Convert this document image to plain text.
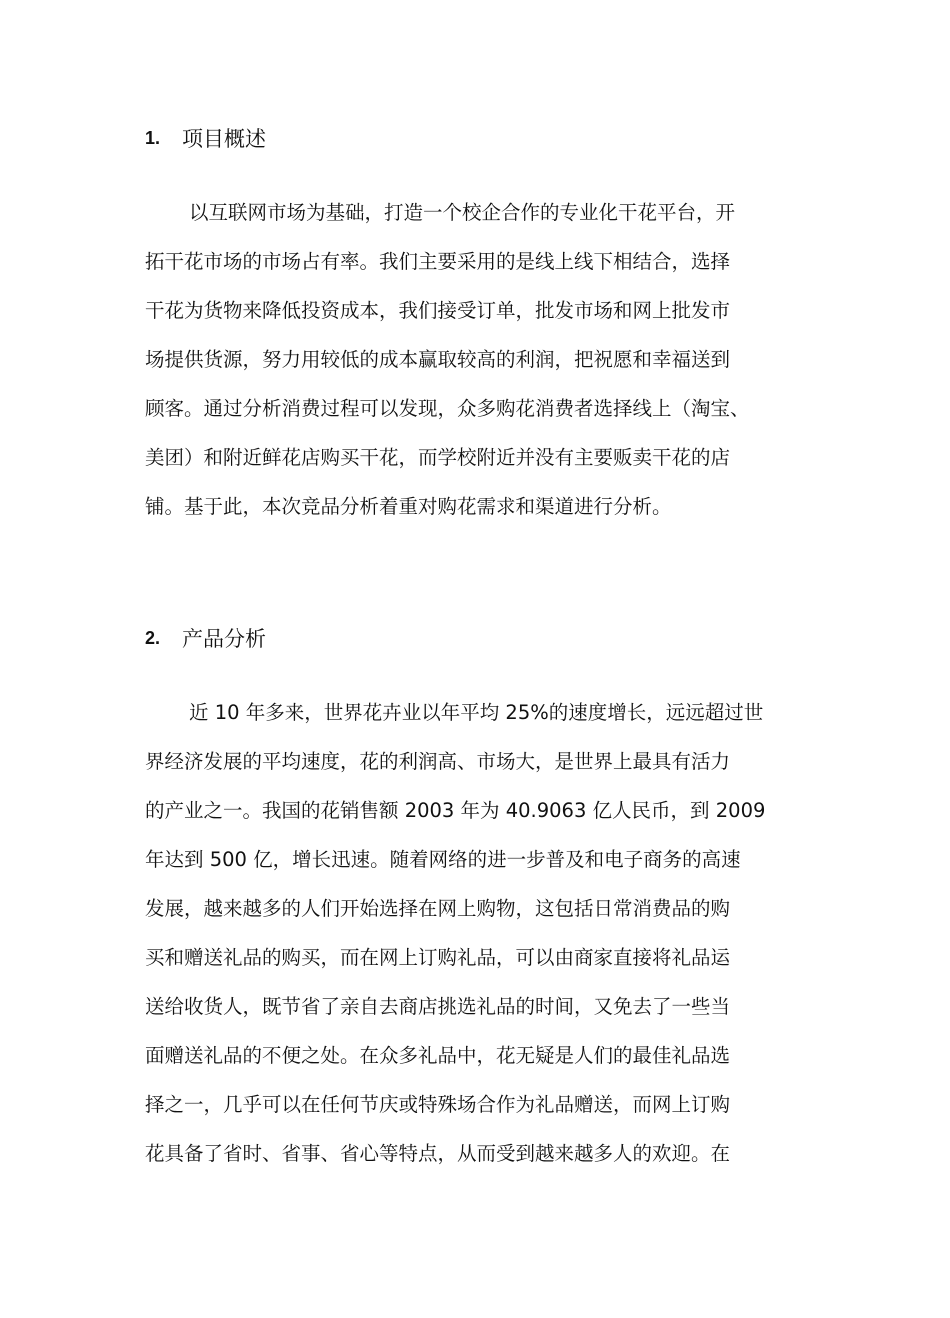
1.	项目概述
以互联网市场为基础，打造一个校企合作的专业化干花平台，开
拓干花市场的市场占有率。我们主要采用的是线上线下相结合，选择
干花为货物来降低投资成本，我们接受订单，批发市场和网上批发市
场提供货源，努力用较低的成本赢取较高的利润，把祝愿和幸福送到
顾客。通过分析消费过程可以发现，众多购花消费者选择线上（淘宝、
美团）和附近鲜花店购买干花，而学校附近并没有主要贩卖干花的店
铺。基于此，本次竞品分析着重对购花需求和渠道进行分析。
2.	产品分析
近 10 年多来，世界花卉业以年平均 25%的速度增长，远远超过世
界经济发展的平均速度，花的利润高、市场大，是世界上最具有活力
的产业之一。我国的花销售额 2003 年为 40.9063 亿人民币，到 2009
年达到 500 亿，增长迅速。随着网络的进一步普及和电子商务的高速
发展，越来越多的人们开始选择在网上购物，这包括日常消费品的购
买和赠送礼品的购买，而在网上订购礼品，可以由商家直接将礼品运
送给收货人，既节省了亲自去商店挑选礼品的时间，又免去了一些当
面赠送礼品的不便之处。在众多礼品中，花无疑是人们的最佳礼品选
择之一，几乎可以在任何节庆或特殊场合作为礼品赠送，而网上订购
花具备了省时、省事、省心等特点，从而受到越来越多人的欢迎。在
